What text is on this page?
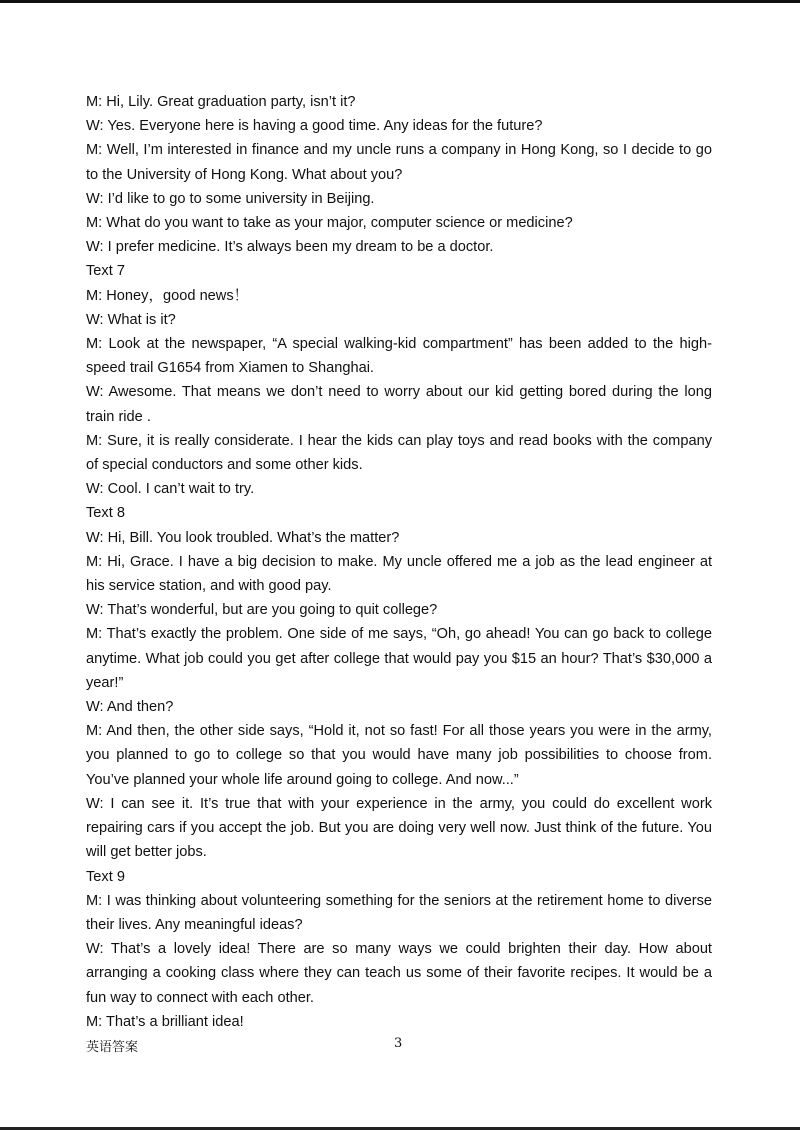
M: Hi, Lily. Great graduation party, isn’t it?
W: Yes. Everyone here is having a good time. Any ideas for the future?
M: Well, I’m interested in finance and my uncle runs a company in Hong Kong, so I decide to go to the University of Hong Kong. What about you?
W: I’d like to go to some university in Beijing.
M: What do you want to take as your major, computer science or medicine?
W: I prefer medicine. It’s always been my dream to be a doctor.
Text 7
M: Honey，good news！
W: What is it?
M: Look at the newspaper, “A special walking-kid compartment” has been added to the high-speed trail G1654 from Xiamen to Shanghai.
W: Awesome. That means we don’t need to worry about our kid getting bored during the long train ride .
M: Sure, it is really considerate. I hear the kids can play toys and read books with the company of special conductors and some other kids.
W: Cool. I can’t wait to try.
Text 8
W: Hi, Bill. You look troubled. What’s the matter?
M: Hi, Grace. I have a big decision to make. My uncle offered me a job as the lead engineer at his service station, and with good pay.
W: That’s wonderful, but are you going to quit college?
M: That’s exactly the problem. One side of me says, “Oh, go ahead! You can go back to college anytime. What job could you get after college that would pay you $15 an hour? That’s $30,000 a year!”
W: And then?
M: And then, the other side says, “Hold it, not so fast! For all those years you were in the army, you planned to go to college so that you would have many job possibilities to choose from. You’ve planned your whole life around going to college. And now...”
W: I can see it. It’s true that with your experience in the army, you could do excellent work repairing cars if you accept the job. But you are doing very well now. Just think of the future. You will get better jobs.
Text 9
M: I was thinking about volunteering something for the seniors at the retirement home to diverse their lives. Any meaningful ideas?
W: That’s a lovely idea! There are so many ways we could brighten their day. How about arranging a cooking class where they can teach us some of their favorite recipes. It would be a fun way to connect with each other.
M: That’s a brilliant idea!
英语答案	3
